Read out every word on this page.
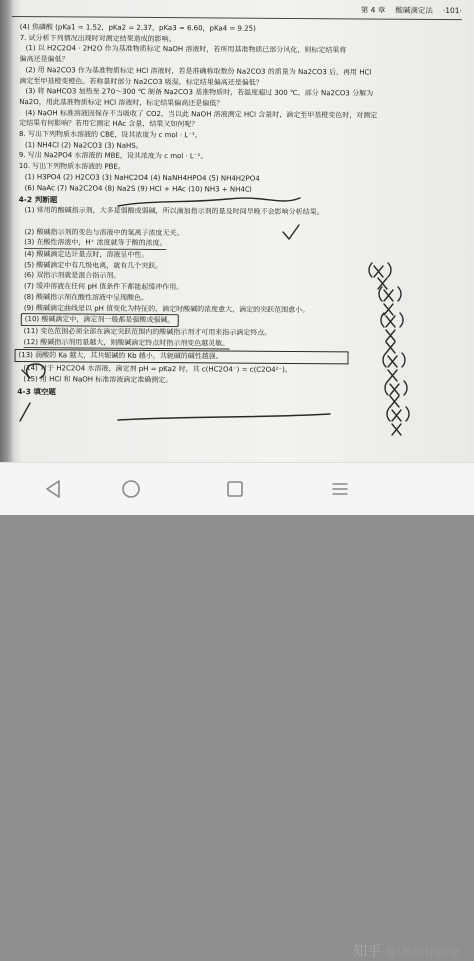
第 4 章 酸碱滴定法 ·101·
(4) 焦磷酸 (pKa1 = 1.52，pKa2 = 2.37，pKa3 = 6.60，pKa4 = 9.25)
7. 试分析下列情况出现时对测定结果造成的影响。
(1) 以 H2C2O4 · 2H2O 作为基准物质标定 NaOH 溶液时，若所用基准物质已部分风化，则标定结果将
偏高还是偏低？
(2) 用 Na2CO3 作为基准物质标定 HCl 溶液时，若是准确称取数份 Na2CO3 的质量为 Na2CO3 后，再用 HCl
滴定至甲基橙变橙色。若称量时部分 Na2CO3 吸湿，标定结果偏高还是偏低？
(3) 将 NaHCO3 加热至 270～300 ℃ 制备 Na2CO3 基准物质时，若温度超过 300 ℃，部分 Na2CO3 分解为
Na2O，用此基准物质标定 HCl 溶液时，标定结果偏高还是偏低？
(4) NaOH 标准溶液因保存不当吸收了 CO2，当以此 NaOH 溶液测定 HCl 含量时，滴定至甲基橙变色时，对测定
定结果有何影响？若用它测定 HAc 含量，结果又如何呢？
8. 写出下列物质水溶液的 CBE，设其浓度为 c mol · L⁻¹。
(1) NH4Cl (2) Na2CO3 (3) NaHS。
9. 写出 Na2PO4 水溶液的 MBE，设其浓度为 c mol · L⁻¹。
10. 写出下列物质水溶液的 PBE。
(1) H3PO4 (2) H2CO3 (3) NaHC2O4 (4) NaNH4HPO4 (5) NH4H2PO4
(6) NaAc (7) Na2C2O4 (8) Na2S (9) HCl + HAc (10) NH3 + NH4Cl
4-2 判断题
(1) 常用的酸碱指示剂，大多是弱酸或弱碱，所以滴加指示剂的量及时间早晚不会影响分析结果。

(2) 酸碱指示剂的变色与溶液中的氢离子浓度无关。
(3) 在酸性溶液中，H⁺ 浓度就等于酸的浓度。
(4) 酸碱滴定达计量点时，溶液呈中性。
(5) 酸碱滴定中有几级电离，就有几个突跃。
(6) 双指示剂就是混合指示剂。
(7) 缓冲溶液在任何 pH 值条件下都能起缓冲作用。
(8) 酸碱指示剂在酸性溶液中呈现酸色。
(9) 酸碱滴定曲线是以 pH 值变化为特征的，滴定时酸碱的浓度愈大，滴定的突跃范围愈小。
(10) 酸碱滴定中，滴定剂一般都是强酸或强碱。
(11) 变色范围必须全部在滴定突跃范围内的酸碱指示剂才可用来指示滴定终点。
(12) 酸碱指示剂用量越大，则酸碱滴定终点时指示剂变色越灵敏。
(13) 弱酸的 Ka 越大，其共轭碱的 Kb 越小，共轭碱的碱性越强。
(14) 对于 H2C2O4 水溶液，滴定剂 pH = pKa2 时，其 c(HC2O4⁻) = c(C2O4²⁻)。
(15) 用 HCl 和 NaOH 标准溶液滴定准确测定。
4-3 填空题
知乎 @UserName
